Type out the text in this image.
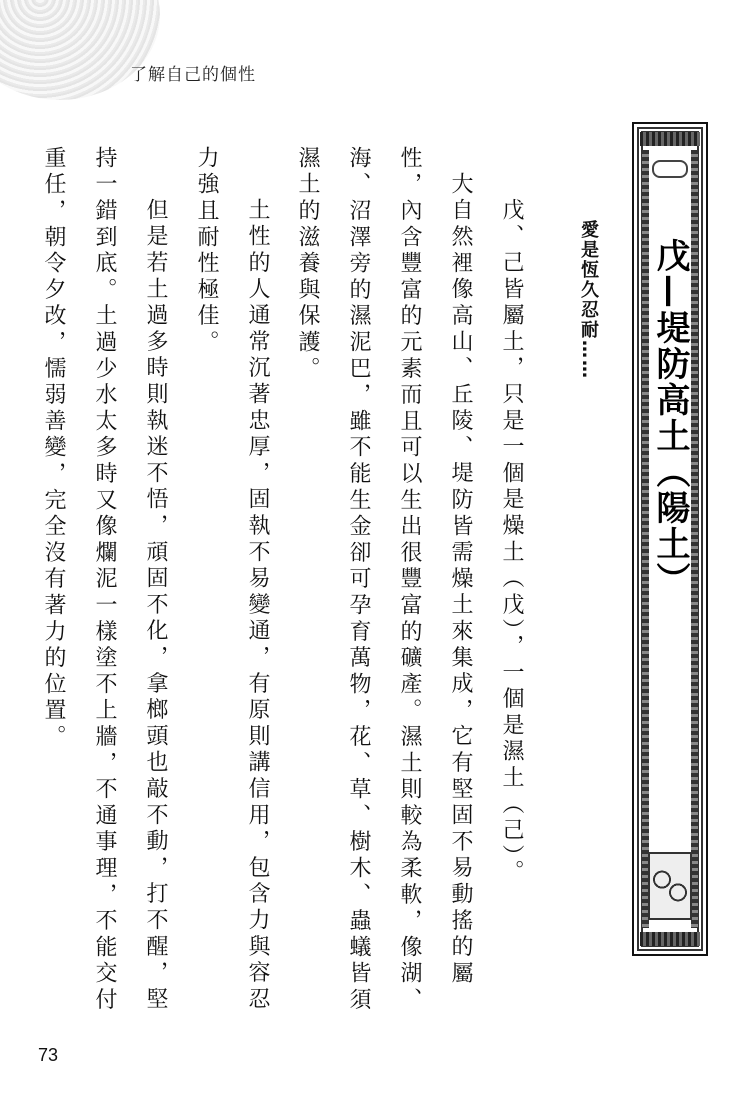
了解自己的個性
戊—堤防高土（陽土）
愛是恆久忍耐……
戊、己皆屬土，只是一個是燥土（戊），一個是濕土（己）。
大自然裡像高山、丘陵、堤防皆需燥土來集成，它有堅固不易動搖的屬
性，內含豐富的元素而且可以生出很豐富的礦產。濕土則較為柔軟，像湖、
海、沼澤旁的濕泥巴，雖不能生金卻可孕育萬物，花、草、樹木、蟲蟻皆須
濕土的滋養與保護。
土性的人通常沉著忠厚，固執不易變通，有原則講信用，包含力與容忍
力強且耐性極佳。
但是若土過多時則執迷不悟，頑固不化，拿榔頭也敲不動，打不醒，堅
持一錯到底。土過少水太多時又像爛泥一樣塗不上牆，不通事理，不能交付
重任，朝令夕改，懦弱善變，完全沒有著力的位置。
73
